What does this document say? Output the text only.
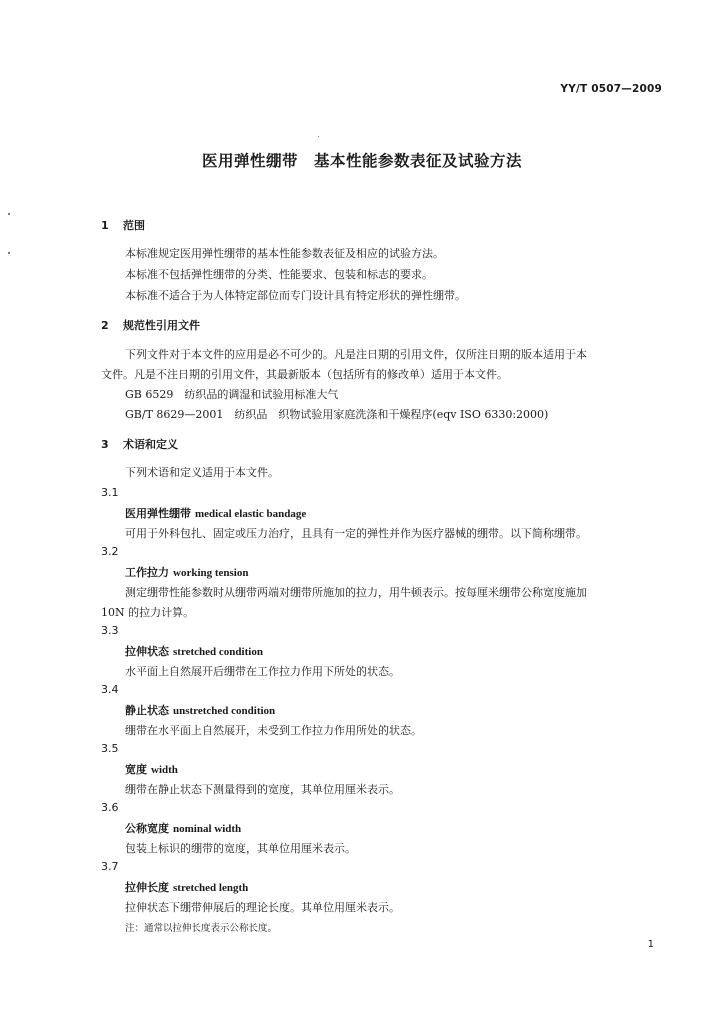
YY/T 0507—2009
医用弹性绷带 基本性能参数表征及试验方法
1 范围
本标准规定医用弹性绷带的基本性能参数表征及相应的试验方法。
本标准不包括弹性绷带的分类、性能要求、包装和标志的要求。
本标准不适合于为人体特定部位而专门设计具有特定形状的弹性绷带。
2 规范性引用文件
下列文件对于本文件的应用是必不可少的。凡是注日期的引用文件，仅所注日期的版本适用于本
文件。凡是不注日期的引用文件，其最新版本（包括所有的修改单）适用于本文件。
GB 6529　纺织品的调湿和试验用标准大气
GB/T 8629—2001　纺织品　织物试验用家庭洗涤和干燥程序(eqv ISO 6330:2000)
3 术语和定义
下列术语和定义适用于本文件。
3.1
医用弹性绷带 medical elastic bandage
可用于外科包扎、固定或压力治疗，且具有一定的弹性并作为医疗器械的绷带。以下简称绷带。
3.2
工作拉力 working tension
测定绷带性能参数时从绷带两端对绷带所施加的拉力，用牛顿表示。按每厘米绷带公称宽度施加
10N 的拉力计算。
3.3
拉伸状态 stretched condition
水平面上自然展开后绷带在工作拉力作用下所处的状态。
3.4
静止状态 unstretched condition
绷带在水平面上自然展开，未受到工作拉力作用所处的状态。
3.5
宽度 width
绷带在静止状态下测量得到的宽度，其单位用厘米表示。
3.6
公称宽度 nominal width
包装上标识的绷带的宽度，其单位用厘米表示。
3.7
拉伸长度 stretched length
拉伸状态下绷带伸展后的理论长度。其单位用厘米表示。
注：通常以拉伸长度表示公称长度。
1
